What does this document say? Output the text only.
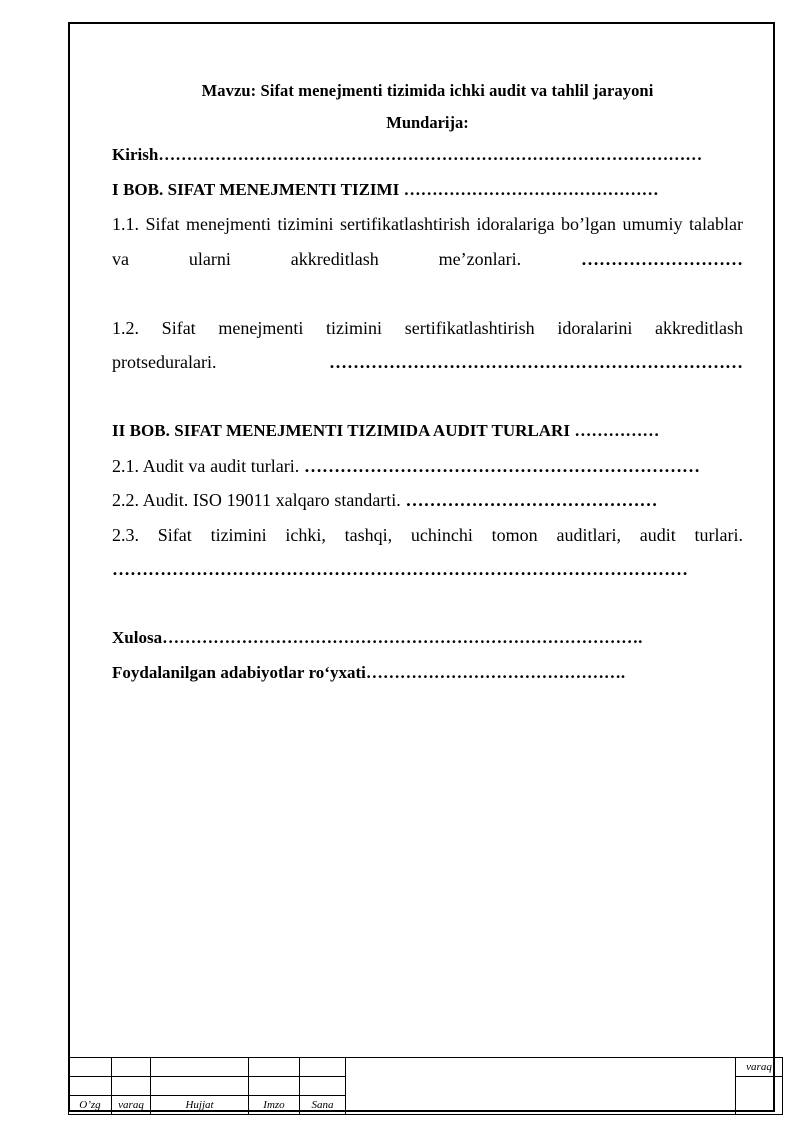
Mavzu: Sifat menejmenti tizimida ichki audit va tahlil jarayoni
Mundarija:
Kirish……………………………………………………………………………………
I BOB. SIFAT MENEJMENTI TIZIMI ………………………………………
1.1. Sifat menejmenti tizimini sertifikatlashtirish idoralariga bo’lgan umumiy talablar va ularni akkreditlash me’zonlari. ………………………
1.2. Sifat menejmenti tizimini sertifikatlashtirish idoralarini akkreditlash protseduralari. ……………………………………………………………
II BOB. SIFAT MENEJMENTI TIZIMIDA AUDIT TURLARI ……………
2.1. Audit va audit turlari. …………………………………………………………
2.2. Audit. ISO 19011 xalqaro standarti. ……………………………………
2.3. Sifat tizimini ichki, tashqi, uchinchi tomon auditlari, audit turlari. ……………………………………………………………………………………
Xulosa………………………………………………………………………….
Foydalanilgan adabiyotlar ro‘yxati……………………………………….
						varaq

O’zg	varaq	Hujjat	Imzo	Sana		
